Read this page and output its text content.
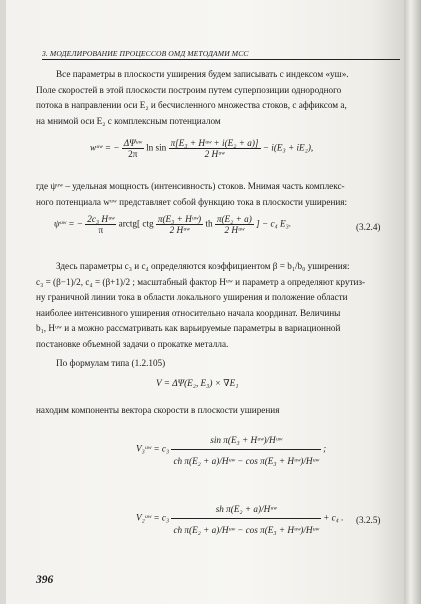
3. МОДЕЛИРОВАНИЕ ПРОЦЕССОВ ОМД МЕТОДАМИ МСС
Все параметры в плоскости уширения будем записывать с индексом «уш».
Поле скоростей в этой плоскости построим путем суперпозиции однородного
потока в направлении оси E₂ и бесчисленного множества стоков, с аффиксом a,
на мнимой оси E₂ с комплексным потенциалом
wᵘʷ = − $\frac{\text{ΔΨᵘʷ}}{2\pi}$ $\ln \sin \frac{\text{π[E₃ + Hᵘʷ + i(E₂ + a)]}}{\text{2 Hᵘʷ}} - i(E_3 + iE_2)$,
где ψᵘʷ – удельная мощность (интенсивность) стоков. Мнимая часть комплекс-
ного потенциала wᵘʷ представляет собой функцию тока в плоскости уширения:
ψᵘʷ = − $\frac{\text{2c₃ Hᵘʷ}}{\pi}$ arctg[ ctg $\frac{\text{π(E₃ + Hᵘʷ)}}{\text{2 Hᵘʷ}}$ th $\frac{\text{π(E₂ + a)}}{\text{2 Hᵘʷ}}$ ] − c₄ E₃.	(3.2.4)
Здесь параметры c₃ и c₄ определяются коэффициентом β = b₁/b₀ уширения:
c₃ = (β−1)/2, c₄ = (β+1)/2 ; масштабный фактор Hᵘʷ и параметр a определяют крутиз-
ну граничной линии тока в области локального уширения и положение области
наиболее интенсивного уширения относительно начала координат. Величины
b₁, Hᵘʷ и a можно рассматривать как варьируемые параметры в вариационной
постановке объемной задачи о прокатке металла.
По формулам типа (1.2.105)
V = ΔΨ(E₂, E₃) × ∇E₁
находим компоненты вектора скорости в плоскости уширения
V₃ᵘʷ = $c_3 \frac{\text{sin π(E₃ + Hᵘʷ)/Hᵘʷ}}{\text{ch π(E₂ + a)/Hᵘʷ − cos π(E₃ + Hᵘʷ)/Hᵘʷ}}$ ;
V₂ᵘʷ = $c_3 \frac{\text{sh π(E₂ + a)/Hᵘʷ}}{\text{ch π(E₂ + a)/Hᵘʷ − cos π(E₃ + Hᵘʷ)/Hᵘʷ}} + c_4$ . (3.2.5)
396
